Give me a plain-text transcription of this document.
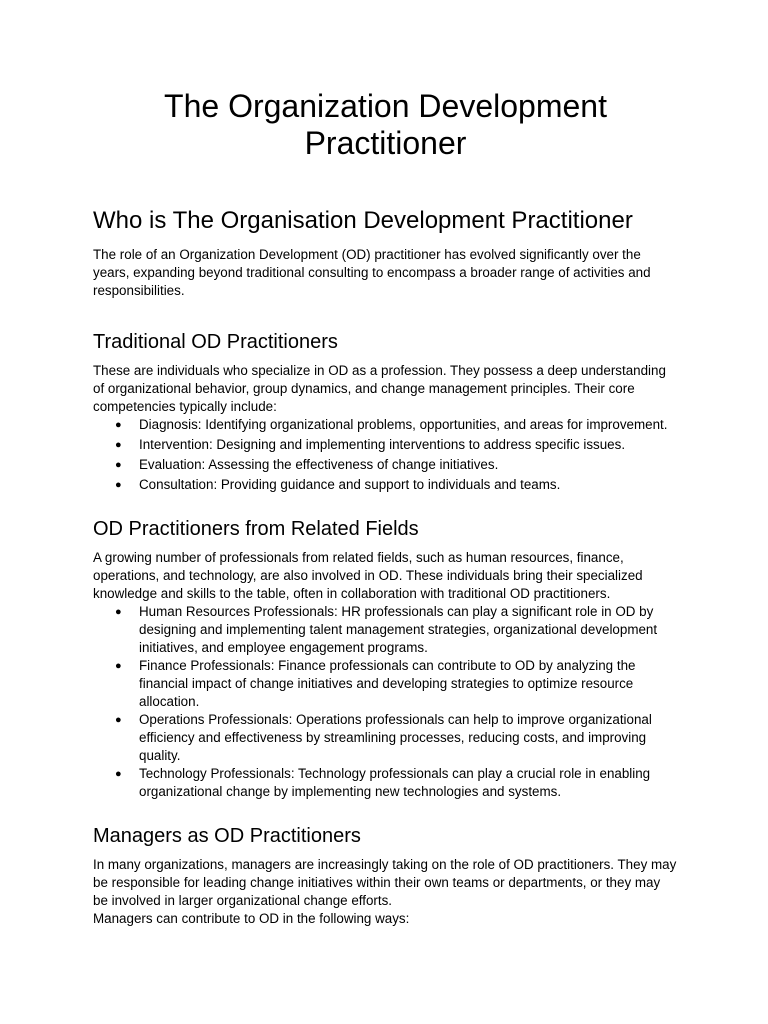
The Organization Development Practitioner
Who is The Organisation Development Practitioner

The role of an Organization Development (OD) practitioner has evolved significantly over the years, expanding beyond traditional consulting to encompass a broader range of activities and responsibilities.

Traditional OD Practitioners

These are individuals who specialize in OD as a profession. They possess a deep understanding of organizational behavior, group dynamics, and change management principles. Their core competencies typically include:

● Diagnosis: Identifying organizational problems, opportunities, and areas for improvement.
● Intervention: Designing and implementing interventions to address specific issues.
● Evaluation: Assessing the effectiveness of change initiatives.
● Consultation: Providing guidance and support to individuals and teams.
OD Practitioners from Related Fields

A growing number of professionals from related fields, such as human resources, finance, operations, and technology, are also involved in OD. These individuals bring their specialized knowledge and skills to the table, often in collaboration with traditional OD practitioners.

● Human Resources Professionals: HR professionals can play a significant role in OD by designing and implementing talent management strategies, organizational development initiatives, and employee engagement programs.
● Finance Professionals: Finance professionals can contribute to OD by analyzing the financial impact of change initiatives and developing strategies to optimize resource allocation.
● Operations Professionals: Operations professionals can help to improve organizational efficiency and effectiveness by streamlining processes, reducing costs, and improving quality.
● Technology Professionals: Technology professionals can play a crucial role in enabling organizational change by implementing new technologies and systems.
Managers as OD Practitioners

In many organizations, managers are increasingly taking on the role of OD practitioners. They may be responsible for leading change initiatives within their own teams or departments, or they may be involved in larger organizational change efforts.

Managers can contribute to OD in the following ways:
